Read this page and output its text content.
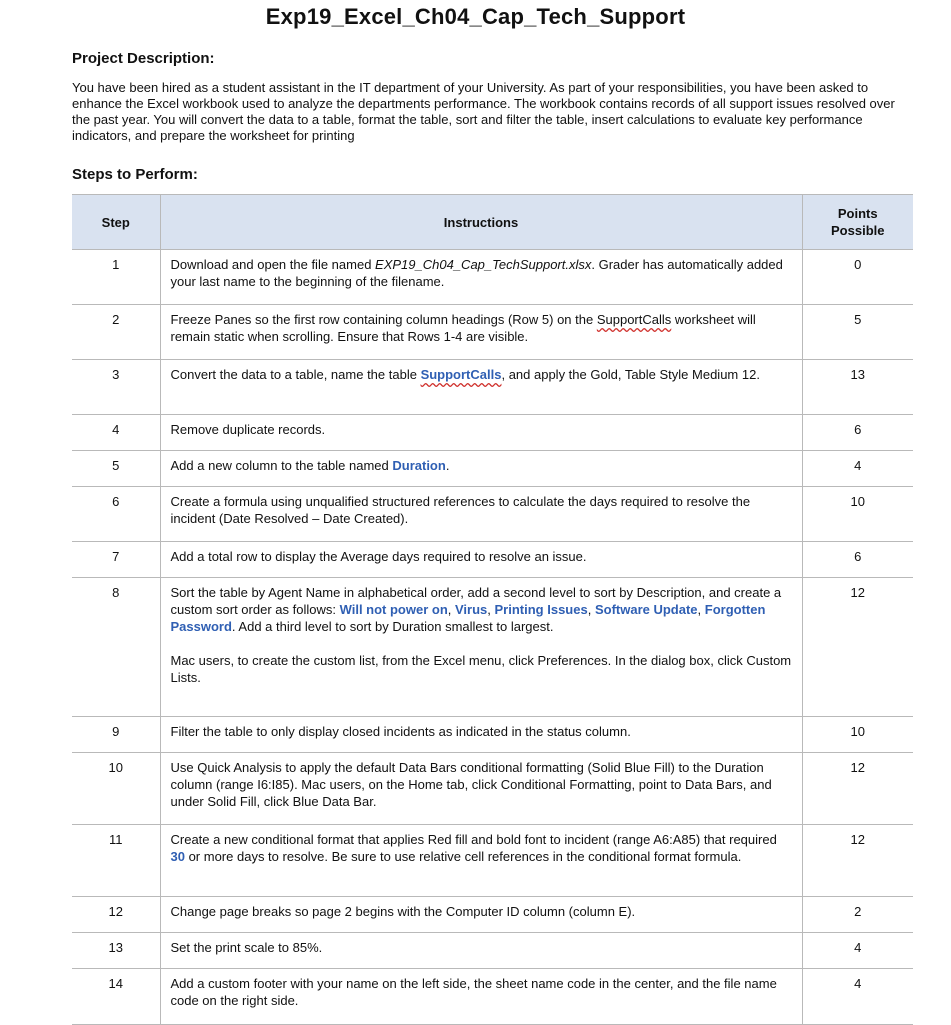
Exp19_Excel_Ch04_Cap_Tech_Support
Project Description:
You have been hired as a student assistant in the IT department of your University. As part of your responsibilities, you have been asked to enhance the Excel workbook used to analyze the departments performance. The workbook contains records of all support issues resolved over the past year. You will convert the data to a table, format the table, sort and filter the table, insert calculations to evaluate key performance indicators, and prepare the worksheet for printing
Steps to Perform:
Step	Instructions	Points Possible

1	Download and open the file named EXP19_Ch04_Cap_TechSupport.xlsx. Grader has automatically added your last name to the beginning of the filename.	0

2	Freeze Panes so the first row containing column headings (Row 5) on the SupportCalls worksheet will remain static when scrolling. Ensure that Rows 1-4 are visible.	5

3	Convert the data to a table, name the table SupportCalls, and apply the Gold, Table Style Medium 12.	13

4	Remove duplicate records.	6

5	Add a new column to the table named Duration.	4

6	Create a formula using unqualified structured references to calculate the days required to resolve the incident (Date Resolved – Date Created).	10

7	Add a total row to display the Average days required to resolve an issue.	6

8	Sort the table by Agent Name in alphabetical order, add a second level to sort by Description, and create a custom sort order as follows: Will not power on, Virus, Printing Issues, Software Update, Forgotten Password. Add a third level to sort by Duration smallest to largest.
Mac users, to create the custom list, from the Excel menu, click Preferences. In the dialog box, click Custom Lists.	12

9	Filter the table to only display closed incidents as indicated in the status column.	10

10	Use Quick Analysis to apply the default Data Bars conditional formatting (Solid Blue Fill) to the Duration column (range I6:I85). Mac users, on the Home tab, click Conditional Formatting, point to Data Bars, and under Solid Fill, click Blue Data Bar.	12

11	Create a new conditional format that applies Red fill and bold font to incident (range A6:A85) that required 30 or more days to resolve. Be sure to use relative cell references in the conditional format formula.	12

12	Change page breaks so page 2 begins with the Computer ID column (column E).	2

13	Set the print scale to 85%.	4

14	Add a custom footer with your name on the left side, the sheet name code in the center, and the file name code on the right side.	4
